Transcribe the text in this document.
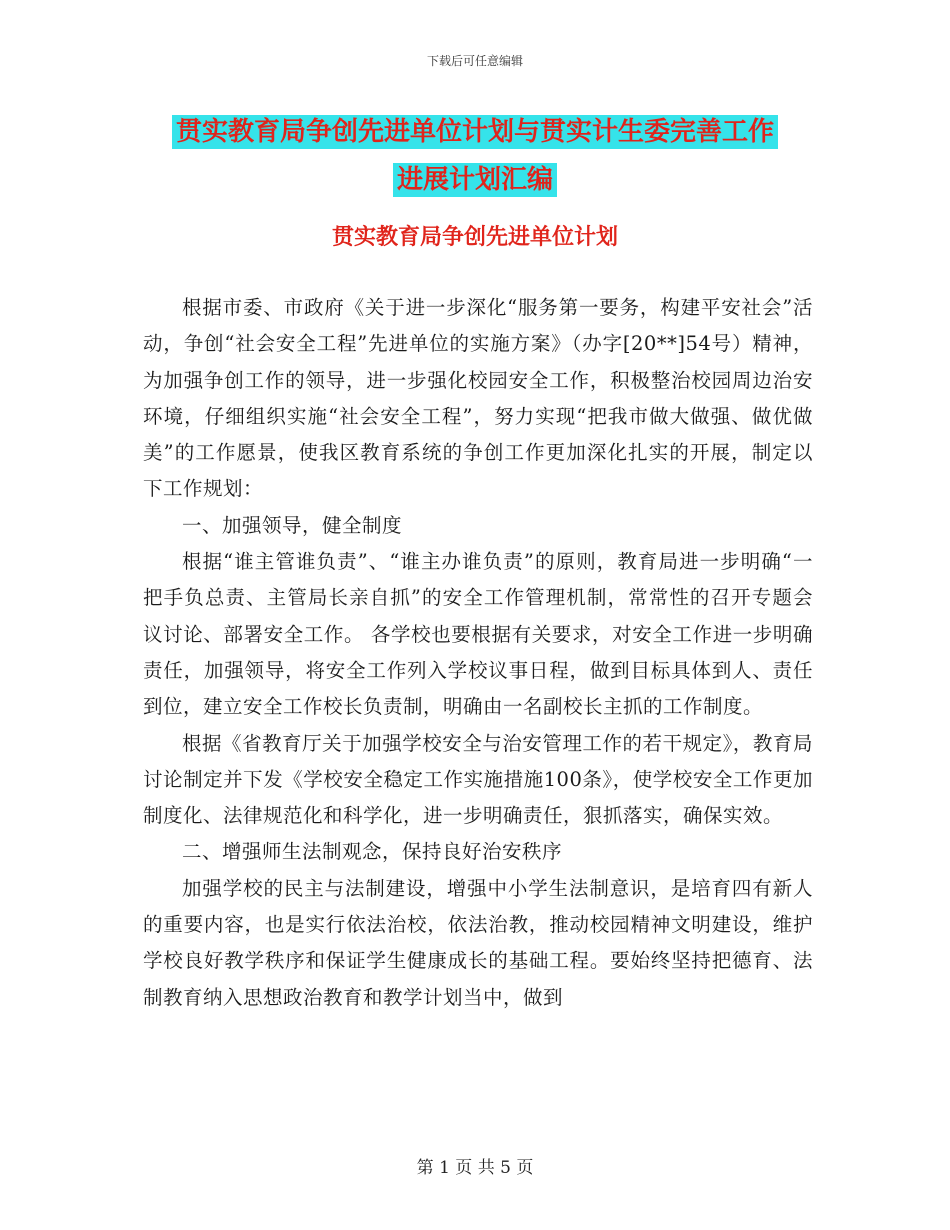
下载后可任意编辑
贯实教育局争创先进单位计划与贯实计生委完善工作
进展计划汇编
贯实教育局争创先进单位计划

根据市委、市政府《关于进一步深化“服务第一要务，构建平安社会”活动，争创“社会安全工程”先进单位的实施方案》（办字[20**]54号）精神，为加强争创工作的领导，进一步强化校园安全工作，积极整治校园周边治安环境，仔细组织实施“社会安全工程”，努力实现“把我市做大做强、做优做美”的工作愿景，使我区教育系统的争创工作更加深化扎实的开展，制定以下工作规划：

一、加强领导，健全制度

根据“谁主管谁负责”、“谁主办谁负责”的原则，教育局进一步明确“一把手负总责、主管局长亲自抓”的安全工作管理机制，常常性的召开专题会议讨论、部署安全工作。 各学校也要根据有关要求，对安全工作进一步明确责任，加强领导，将安全工作列入学校议事日程，做到目标具体到人、责任到位，建立安全工作校长负责制，明确由一名副校长主抓的工作制度。

根据《省教育厅关于加强学校安全与治安管理工作的若干规定》，教育局讨论制定并下发《学校安全稳定工作实施措施100条》，使学校安全工作更加制度化、法律规范化和科学化，进一步明确责任，狠抓落实，确保实效。

二、增强师生法制观念，保持良好治安秩序

加强学校的民主与法制建设，增强中小学生法制意识，是培育四有新人的重要内容，也是实行依法治校，依法治教，推动校园精神文明建设，维护学校良好教学秩序和保证学生健康成长的基础工程。要始终坚持把德育、法制教育纳入思想政治教育和教学计划当中，做到

第 1 页 共 5 页
